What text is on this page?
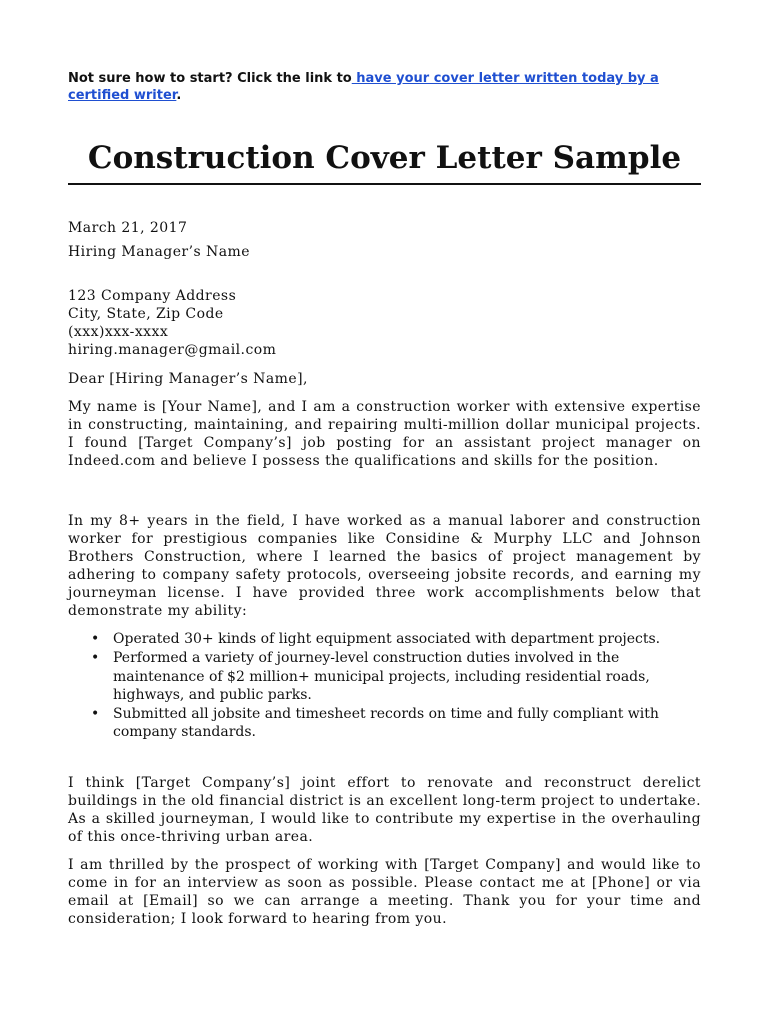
Not sure how to start? Click the link to have your cover letter written today by a certified writer.
Construction Cover Letter Sample
March 21, 2017
Hiring Manager’s Name
123 Company Address
City, State, Zip Code
(xxx)xxx-xxxx
hiring.manager@gmail.com
Dear [Hiring Manager’s Name],

My name is [Your Name], and I am a construction worker with extensive expertise in constructing, maintaining, and repairing multi-million dollar municipal projects. I found [Target Company’s] job posting for an assistant project manager on Indeed.com and believe I possess the qualifications and skills for the position.

In my 8+ years in the field, I have worked as a manual laborer and construction worker for prestigious companies like Considine & Murphy LLC and Johnson Brothers Construction, where I learned the basics of project management by adhering to company safety protocols, overseeing jobsite records, and earning my journeyman license. I have provided three work accomplishments below that demonstrate my ability:

• Operated 30+ kinds of light equipment associated with department projects.
• Performed a variety of journey-level construction duties involved in the maintenance of $2 million+ municipal projects, including residential roads, highways, and public parks.
• Submitted all jobsite and timesheet records on time and fully compliant with company standards.

I think [Target Company’s] joint effort to renovate and reconstruct derelict buildings in the old financial district is an excellent long-term project to undertake. As a skilled journeyman, I would like to contribute my expertise in the overhauling of this once-thriving urban area.

I am thrilled by the prospect of working with [Target Company] and would like to come in for an interview as soon as possible. Please contact me at [Phone] or via email at [Email] so we can arrange a meeting. Thank you for your time and consideration; I look forward to hearing from you.
